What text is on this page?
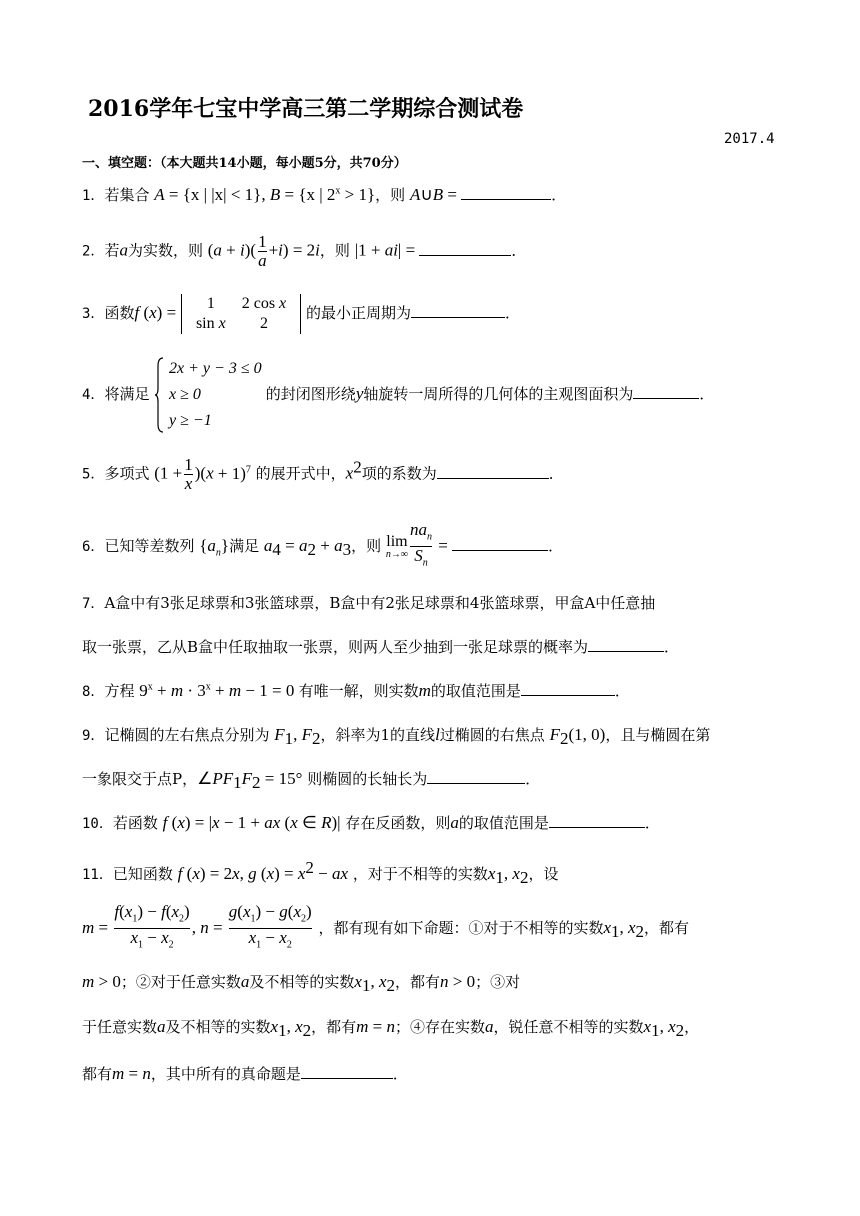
2016学年七宝中学高三第二学期综合测试卷
2017.4
一、填空题：（本大题共14小题，每小题5分，共70分）
1．若集合 A = {x | |x| < 1}, B = {x | $2^x > 1$}，则 A∪B =	．
2．若a为实数，则 $(a + i)( \frac{1}{a} +i) = 2i$，则 |1 + ai| =	．
3．函数f (x) = 1	2 cos x
sin x	2
的最小正周期为	．
4．将满足  2x + y − 3 ≤ 0
x ≥ 0
y ≥ −1 的封闭图形绕y轴旋转一周所得的几何体的主观图面积为	．
5．多项式 $(1 + \frac{1}{x} )(x + 1)^7$ 的展开式中，$x^2$项的系数为	．
6．已知等差数列 $\{a_n\}$满足 $a_4 = a_2 + a_3$，则 lim
$n\to\infty \frac{na_n}{S_n}$ =	．
7．A盒中有3张足球票和3张篮球票，B盒中有2张足球票和4张篮球票，甲盒A中任意抽
取一张票，乙从B盒中任取抽取一张票，则两人至少抽到一张足球票的概率为	．
8．方程 $9^x + m \cdot 3^x + m - 1 = 0$ 有唯一解，则实数m的取值范围是	．
9．记椭圆的左右焦点分别为 $F_1$, $F_2$，斜率为1的直线l过椭圆的右焦点 $F_2(1$, 0)，且与椭圆在第
一象限交于点P，$\angle PF_1F_2 = 15^\circ$ 则椭圆的长轴长为	．
10．若函数 f (x) = |x − 1 + ax (x ∈ R)| 存在反函数，则a的取值范围是	．
11．已知函数 f (x) = 2x, g $(x) = x^2$ − ax ，对于不相等的实数$x_1$, $x_2$，设
$m = \frac{f(x_1) - f(x_2)}{x_1 - x_2}$ , $n = \frac{g(x_1) - g(x_2)}{x_1 - x_2}$ ，都有现有如下命题：①对于不相等的实数$x_1$, $x_2$，都有
m > 0；②对于任意实数a及不相等的实数$x_1$, $x_2$，都有n > 0；③对
于任意实数a及不相等的实数$x_1$, $x_2$，都有m = n；④存在实数a，锐任意不相等的实数$x_1$, $x_2$，
都有m = n，其中所有的真命题是	．
